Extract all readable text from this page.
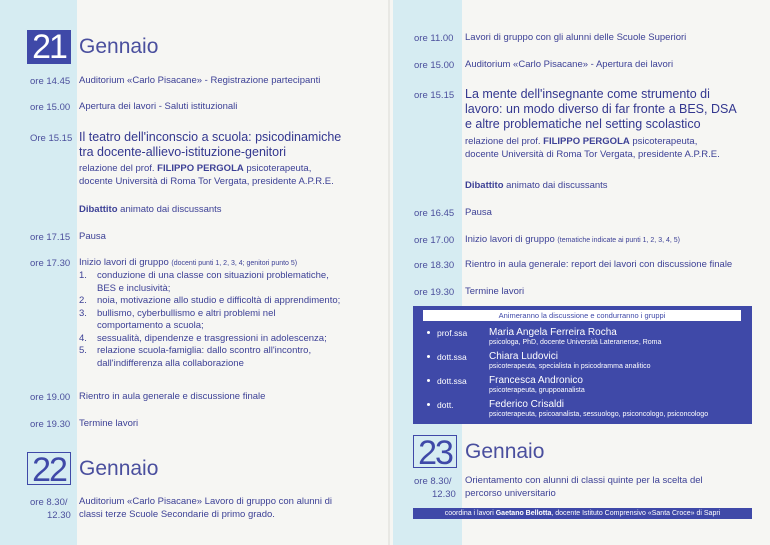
21 Gennaio
ore 14.45 Auditorium «Carlo Pisacane» - Registrazione partecipanti
ore 15.00 Apertura dei lavori - Saluti istituzionali
Ore 15.15 Il teatro dell'inconscio a scuola: psicodinamiche
tra docente-allievo-istituzione-genitori
relazione del prof. FILIPPO PERGOLA psicoterapeuta,
docente Università di Roma Tor Vergata, presidente A.P.R.E.
Dibattito animato dai discussants
ore 17.15 Pausa
ore 17.30 Inizio lavori di gruppo (docenti punti 1, 2, 3, 4; genitori punto 5)
1. conduzione di una classe con situazioni problematiche,
BES e inclusività;
2. noia, motivazione allo studio e difficoltà di apprendimento;
3. bullismo, cyberbullismo e altri problemi nel
comportamento a scuola;
4. sessualità, dipendenze e trasgressioni in adolescenza;
5. relazione scuola-famiglia: dallo scontro all'incontro,
dall'indifferenza alla collaborazione
ore 19.00 Rientro in aula generale e discussione finale
ore 19.30 Termine lavori
22 Gennaio
ore 8.30/
12.30
Auditorium «Carlo Pisacane» Lavoro di gruppo con alunni di
classi terze Scuole Secondarie di primo grado.
ore 11.00 Lavori di gruppo con gli alunni delle Scuole Superiori
ore 15.00 Auditorium «Carlo Pisacane» - Apertura dei lavori
ore 15.15 La mente dell'insegnante come strumento di
lavoro: un modo diverso di far fronte a BES, DSA
e altre problematiche nel setting scolastico
relazione del prof. FILIPPO PERGOLA psicoterapeuta,
docente Università di Roma Tor Vergata, presidente A.P.R.E.
Dibattito animato dai discussants
ore 16.45 Pausa
ore 17.00 Inizio lavori di gruppo (tematiche indicate ai punti 1, 2, 3, 4, 5)
ore 18.30 Rientro in aula generale: report dei lavori con discussione finale
ore 19.30 Termine lavori
Animeranno la discussione e condurranno i gruppi
prof.ssa Maria Angela Ferreira Rocha
psicologa, PhD, docente Università Lateranense, Roma
dott.ssa Chiara Ludovici
psicoterapeuta, specialista in psicodramma analitico
dott.ssa Francesca Andronico
psicoterapeuta, gruppoanalista
dott.	Federico Crisaldi
psicoterapeuta, psicoanalista, sessuologo, psiconcologo, psiconcologo
23 Gennaio
ore 8.30/
12.30
Orientamento con alunni di classi quinte per la scelta del
percorso universitario
coordina i lavori Gaetano Bellotta, docente Istituto Comprensivo «Santa Croce» di Sapri
